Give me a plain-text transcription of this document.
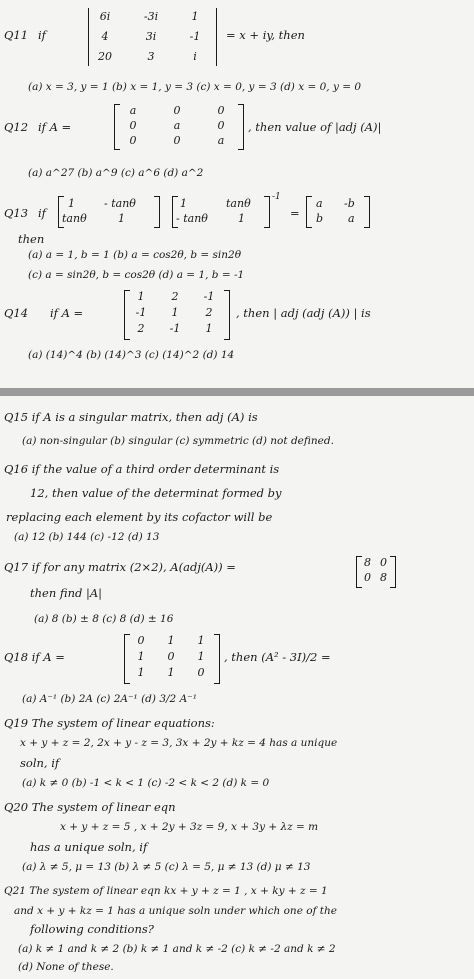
Q11 if
6i	-3i	1
4	3i	-1
20	3	i
= x + iy, then
(a) x = 3, y = 1 (b) x = 1, y = 3 (c) x = 0, y = 3 (d) x = 0, y = 0
Q12 if A =
a	0	0
0	a	0
0	0	a
, then value of |adj (A)|
(a) a^27 (b) a^9 (c) a^6 (d) a^2
Q13 if
1	- tanθ
tanθ	1
1	tanθ
- tanθ	1
-1
=
a -b
b a
then
(a) a = 1, b = 1 (b) a = cos2θ, b = sin2θ
(c) a = sin2θ, b = cos2θ (d) a = 1, b = -1
Q14 if A =
1	2	-1
-1	1	2
2	-1	1
, then | adj (adj (A)) | is
(a) (14)^4 (b) (14)^3 (c) (14)^2 (d) 14
Q15 if A is a singular matrix, then adj (A) is
(a) non-singular (b) singular (c) symmetric (d) not defined.
Q16 if the value of a third order determinant is
12, then value of the determinat formed by
replacing each element by its cofactor will be
(a) 12 (b) 144 (c) -12 (d) 13
Q17 if for any matrix (2×2), A(adj(A)) =	8 0
0 8
then find |A|
(a) 8 (b) ± 8 (c) 8 (d) ± 16
Q18 if A =
0	1	1
1	0	1
1	1	0
, then (A² - 3I)/2 =
(a) A⁻¹ (b) 2A (c) 2A⁻¹ (d) 3/2 A⁻¹
Q19 The system of linear equations:
x + y + z = 2, 2x + y - z = 3, 3x + 2y + kz = 4 has a unique
soln, if
(a) k ≠ 0 (b) -1 < k < 1 (c) -2 < k < 2 (d) k = 0
Q20 The system of linear eqn
x + y + z = 5 , x + 2y + 3z = 9, x + 3y + λz = m
has a unique soln, if
(a) λ ≠ 5, μ = 13 (b) λ ≠ 5 (c) λ = 5, μ ≠ 13 (d) μ ≠ 13
Q21 The system of linear eqn kx + y + z = 1 , x + ky + z = 1
and x + y + kz = 1 has a unique soln under which one of the
following conditions?
(a) k ≠ 1 and k ≠ 2 (b) k ≠ 1 and k ≠ -2 (c) k ≠ -2 and k ≠ 2
(d) None of these.
